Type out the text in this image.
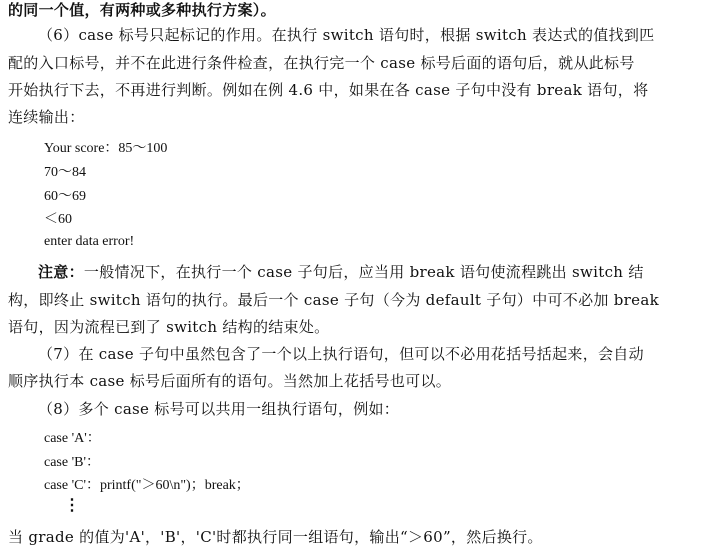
的同一个值，有两种或多种执行方案）。
（6）case 标号只起标记的作用。在执行 switch 语句时，根据 switch 表达式的值找到匹
配的入口标号，并不在此进行条件检查，在执行完一个 case 标号后面的语句后，就从此标号
开始执行下去，不再进行判断。例如在例 4.6 中，如果在各 case 子句中没有 break 语句，将
连续输出：
Your score：85～100
70～84
60～69
＜60
enter data error!
注意：一般情况下，在执行一个 case 子句后，应当用 break 语句使流程跳出 switch 结
构，即终止 switch 语句的执行。最后一个 case 子句（今为 default 子句）中可不必加 break
语句，因为流程已到了 switch 结构的结束处。
（7）在 case 子句中虽然包含了一个以上执行语句，但可以不必用花括号括起来，会自动
顺序执行本 case 标号后面所有的语句。当然加上花括号也可以。
（8）多个 case 标号可以共用一组执行语句，例如：
case 'A'：
case 'B'：
case 'C'：printf("＞60\n")；break；
⋮
当 grade 的值为'A'，'B'，'C'时都执行同一组语句，输出“＞60”，然后换行。
